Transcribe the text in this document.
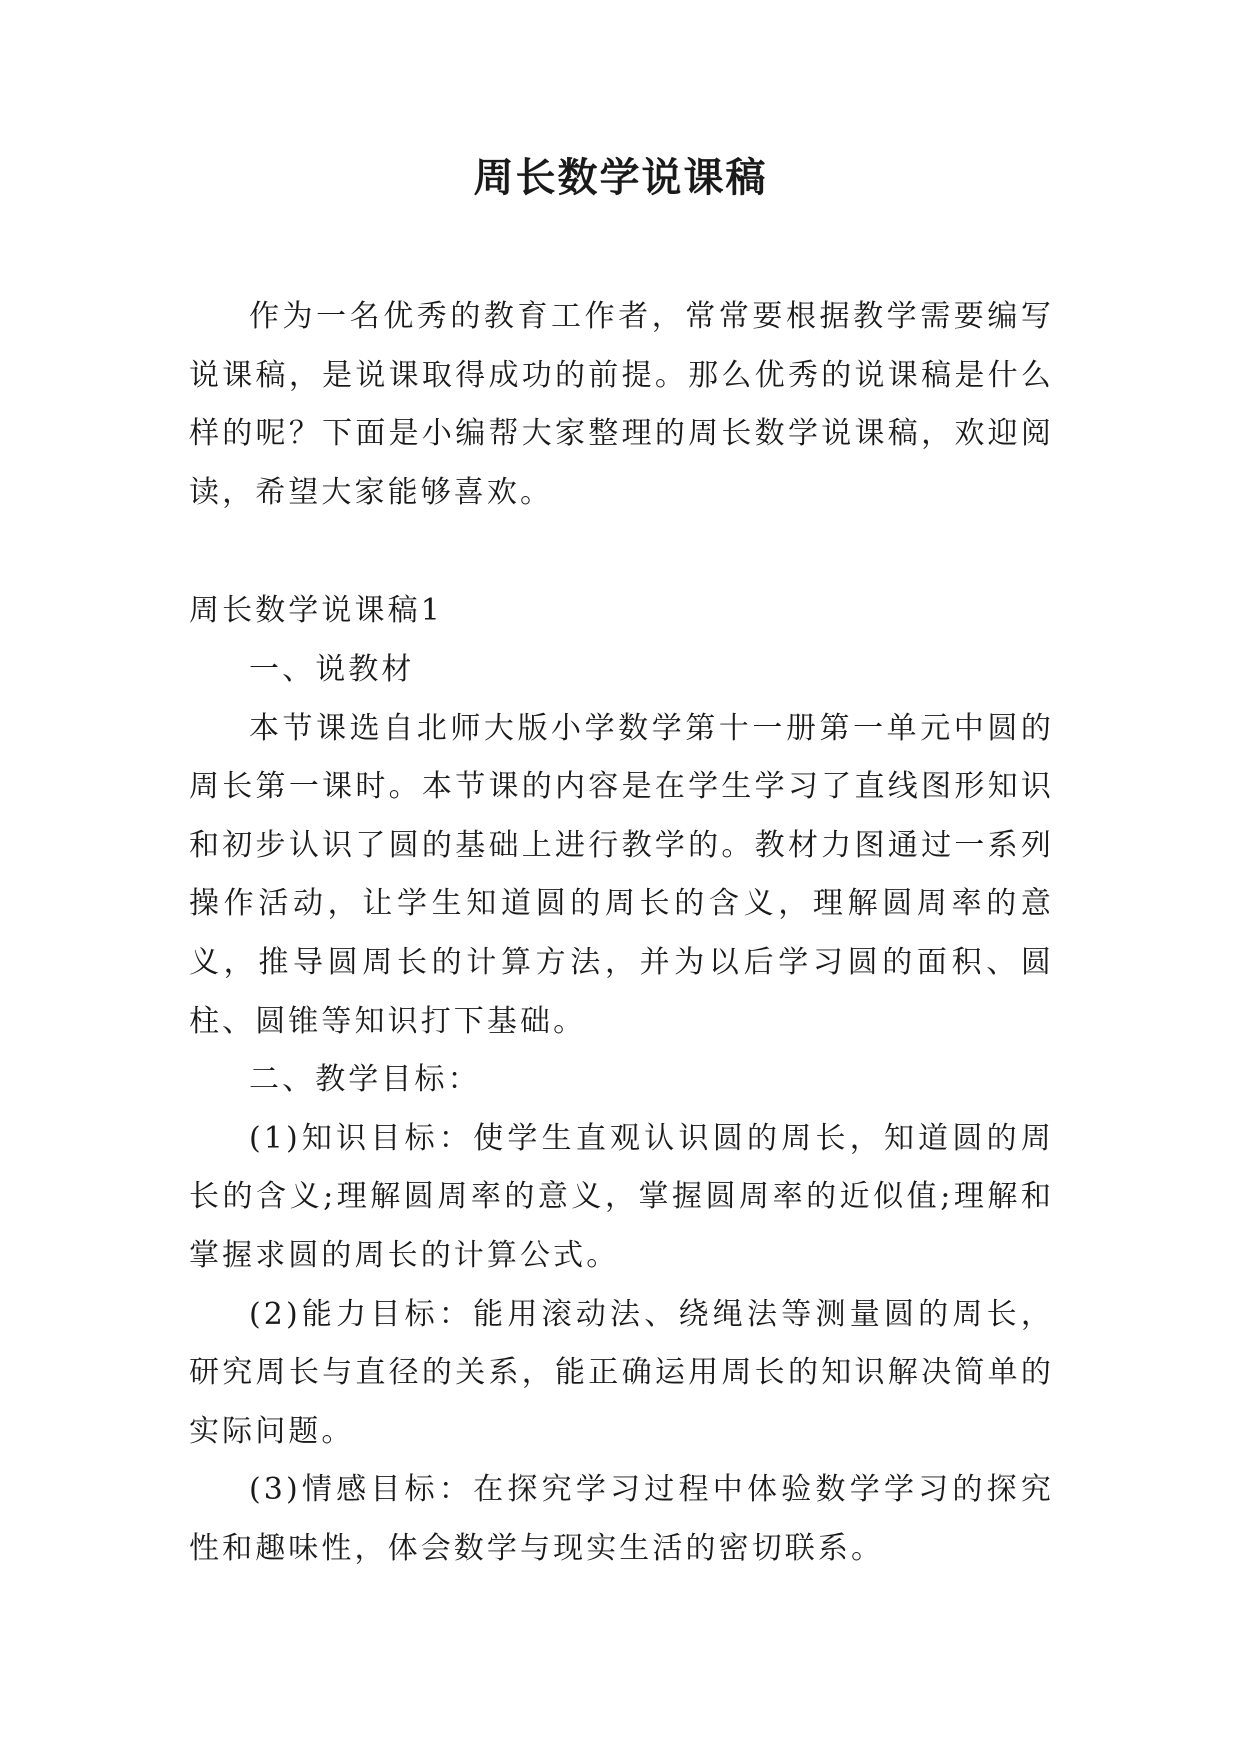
周长数学说课稿

作为一名优秀的教育工作者，常常要根据教学需要编写说课稿，是说课取得成功的前提。那么优秀的说课稿是什么样的呢？下面是小编帮大家整理的周长数学说课稿，欢迎阅读，希望大家能够喜欢。

周长数学说课稿1

一、说教材

本节课选自北师大版小学数学第十一册第一单元中圆的周长第一课时。本节课的内容是在学生学习了直线图形知识和初步认识了圆的基础上进行教学的。教材力图通过一系列操作活动，让学生知道圆的周长的含义，理解圆周率的意义，推导圆周长的计算方法，并为以后学习圆的面积、圆柱、圆锥等知识打下基础。

二、教学目标：

(1)知识目标：使学生直观认识圆的周长，知道圆的周长的含义;理解圆周率的意义，掌握圆周率的近似值;理解和掌握求圆的周长的计算公式。

(2)能力目标：能用滚动法、绕绳法等测量圆的周长，研究周长与直径的关系，能正确运用周长的知识解决简单的实际问题。

(3)情感目标：在探究学习过程中体验数学学习的探究性和趣味性，体会数学与现实生活的密切联系。
